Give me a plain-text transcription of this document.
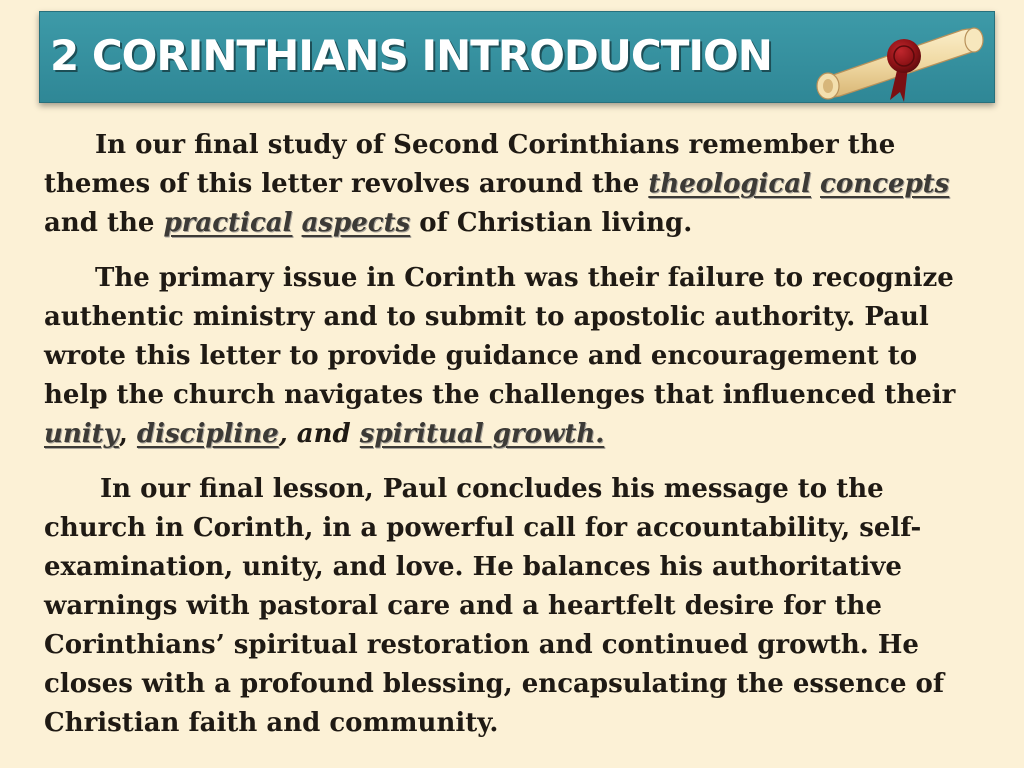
2 CORINTHIANS INTRODUCTION

In our final study of Second Corinthians remember the themes of this letter revolves around the theological concepts and the practical aspects of Christian living.

The primary issue in Corinth was their failure to recognize authentic ministry and to submit to apostolic authority. Paul wrote this letter to provide guidance and encouragement to help the church navigates the challenges that influenced their unity, discipline, and spiritual growth.

In our final lesson, Paul concludes his message to the church in Corinth, in a powerful call for accountability, self-examination, unity, and love. He balances his authoritative warnings with pastoral care and a heartfelt desire for the Corinthians’ spiritual restoration and continued growth. He closes with a profound blessing, encapsulating the essence of Christian faith and community.
